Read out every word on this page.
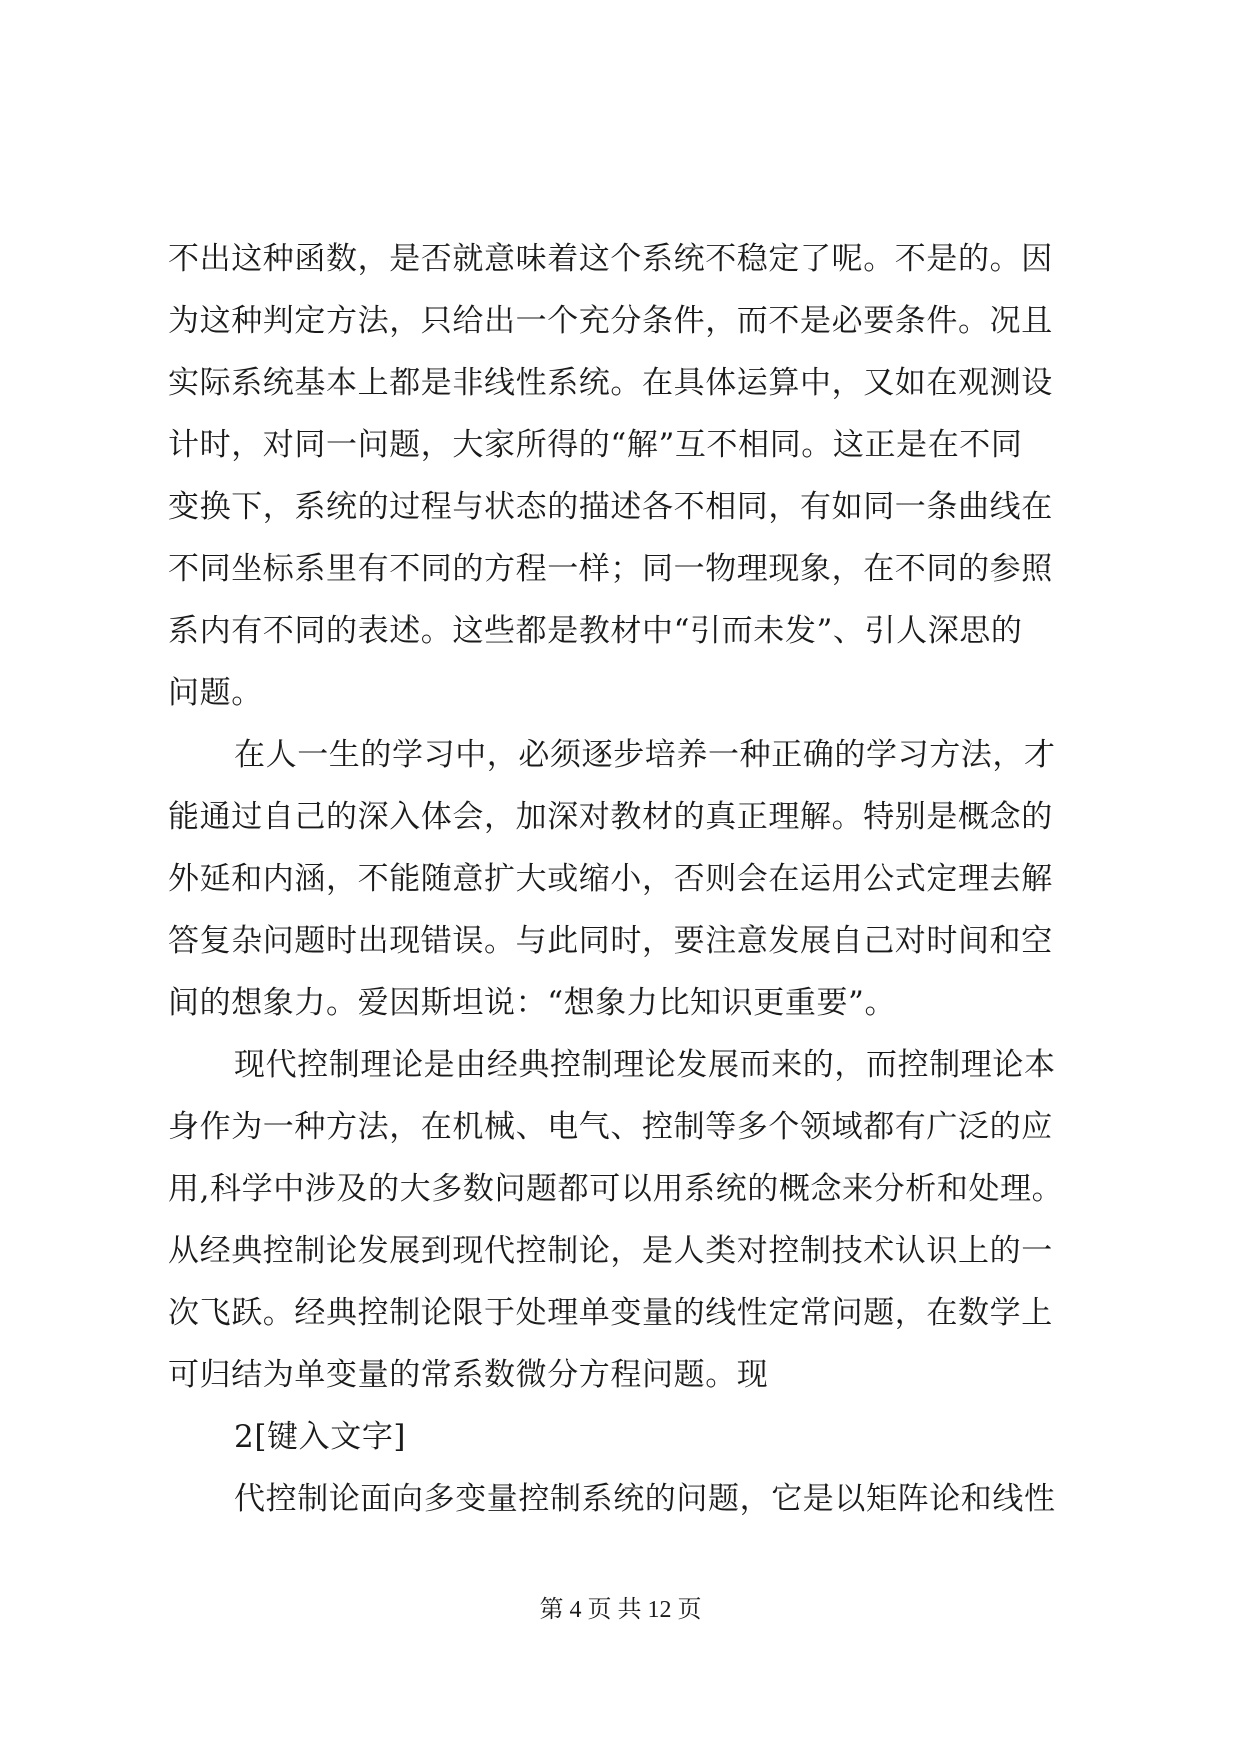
不出这种函数，是否就意味着这个系统不稳定了呢。不是的。因
为这种判定方法，只给出一个充分条件，而不是必要条件。况且
实际系统基本上都是非线性系统。在具体运算中，又如在观测设
计时，对同一问题，大家所得的“解”互不相同。这正是在不同
变换下，系统的过程与状态的描述各不相同，有如同一条曲线在
不同坐标系里有不同的方程一样；同一物理现象，在不同的参照
系内有不同的表述。这些都是教材中“引而未发”、引人深思的
问题。
在人一生的学习中，必须逐步培养一种正确的学习方法，才
能通过自己的深入体会，加深对教材的真正理解。特别是概念的
外延和内涵，不能随意扩大或缩小，否则会在运用公式定理去解
答复杂问题时出现错误。与此同时，要注意发展自己对时间和空
间的想象力。爱因斯坦说：“想象力比知识更重要”。
现代控制理论是由经典控制理论发展而来的，而控制理论本
身作为一种方法，在机械、电气、控制等多个领域都有广泛的应
用,科学中涉及的大多数问题都可以用系统的概念来分析和处理。
从经典控制论发展到现代控制论，是人类对控制技术认识上的一
次飞跃。经典控制论限于处理单变量的线性定常问题，在数学上
可归结为单变量的常系数微分方程问题。现
2[键入文字]
代控制论面向多变量控制系统的问题，它是以矩阵论和线性
第 4 页 共 12 页
